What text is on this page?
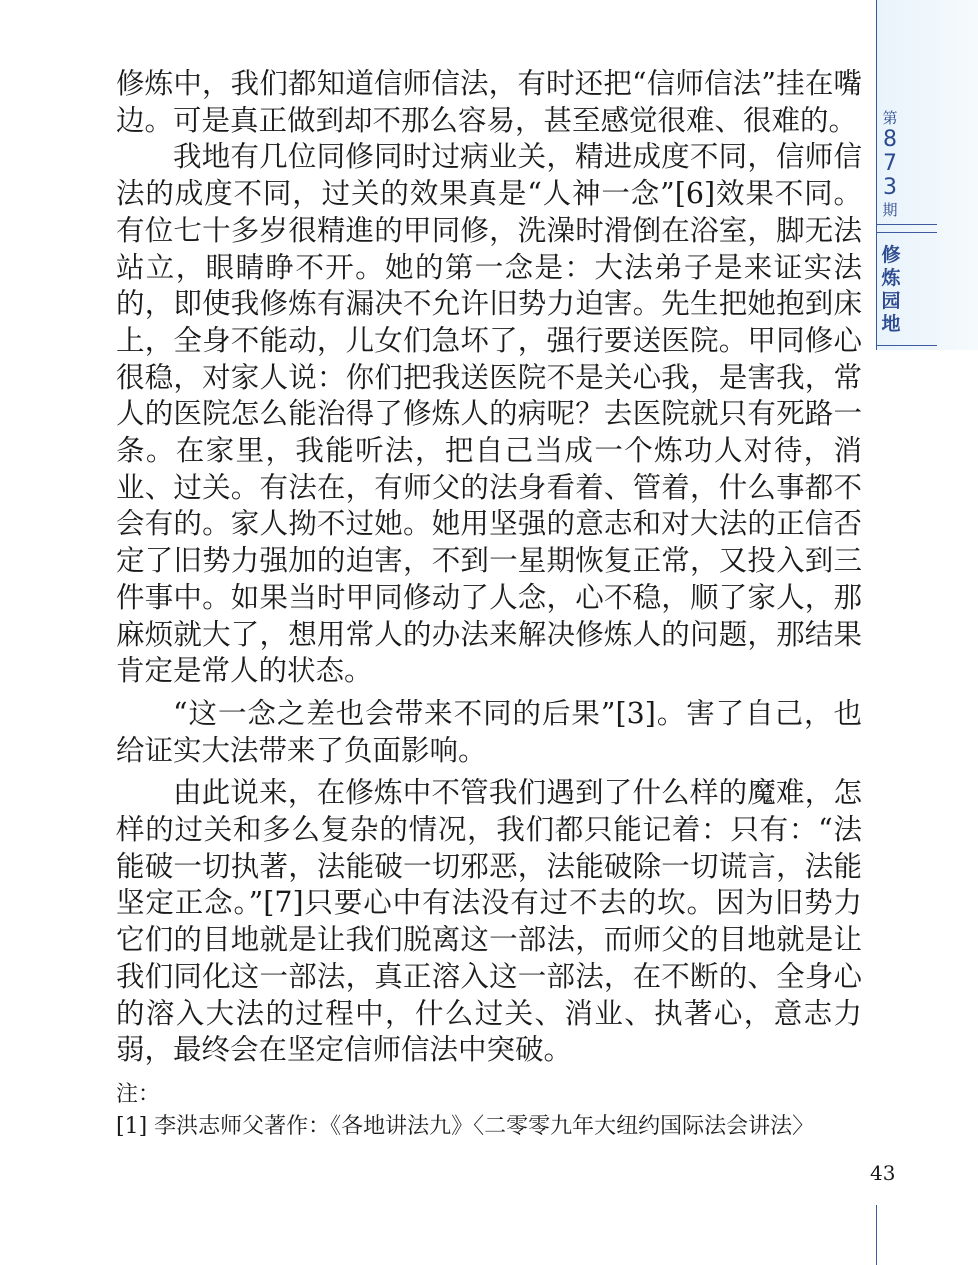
第
8
7
3
期
修
炼
园
地

修炼中，我们都知道信师信法，有时还把“信师信法”挂在嘴边。可是真正做到却不那么容易，甚至感觉很难、很难的。

我地有几位同修同时过病业关，精进成度不同，信师信法的成度不同，过关的效果真是“人神一念”[6]效果不同。有位七十多岁很精進的甲同修，洗澡时滑倒在浴室，脚无法站立，眼睛睁不开。她的第一念是：大法弟子是来证实法的，即使我修炼有漏决不允许旧势力迫害。先生把她抱到床上，全身不能动，儿女们急坏了，强行要送医院。甲同修心很稳，对家人说：你们把我送医院不是关心我，是害我，常人的医院怎么能治得了修炼人的病呢？去医院就只有死路一条。在家里，我能听法，把自己当成一个炼功人对待，消业、过关。有法在，有师父的法身看着、管着，什么事都不会有的。家人拗不过她。她用坚强的意志和对大法的正信否定了旧势力强加的迫害，不到一星期恢复正常，又投入到三件事中。如果当时甲同修动了人念，心不稳，顺了家人，那麻烦就大了，想用常人的办法来解决修炼人的问题，那结果肯定是常人的状态。

“这一念之差也会带来不同的后果”[3]。害了自己，也给证实大法带来了负面影响。

由此说来，在修炼中不管我们遇到了什么样的魔难，怎样的过关和多么复杂的情况，我们都只能记着：只有：“法能破一切执著，法能破一切邪恶，法能破除一切谎言，法能坚定正念。”[7]只要心中有法没有过不去的坎。因为旧势力它们的目地就是让我们脱离这一部法，而师父的目地就是让我们同化这一部法，真正溶入这一部法，在不断的、全身心的溶入大法的过程中，什么过关、消业、执著心，意志力弱，最终会在坚定信师信法中突破。

注：
[1] 李洪志师父著作：《各地讲法九》〈二零零九年大纽约国际法会讲法〉
43
